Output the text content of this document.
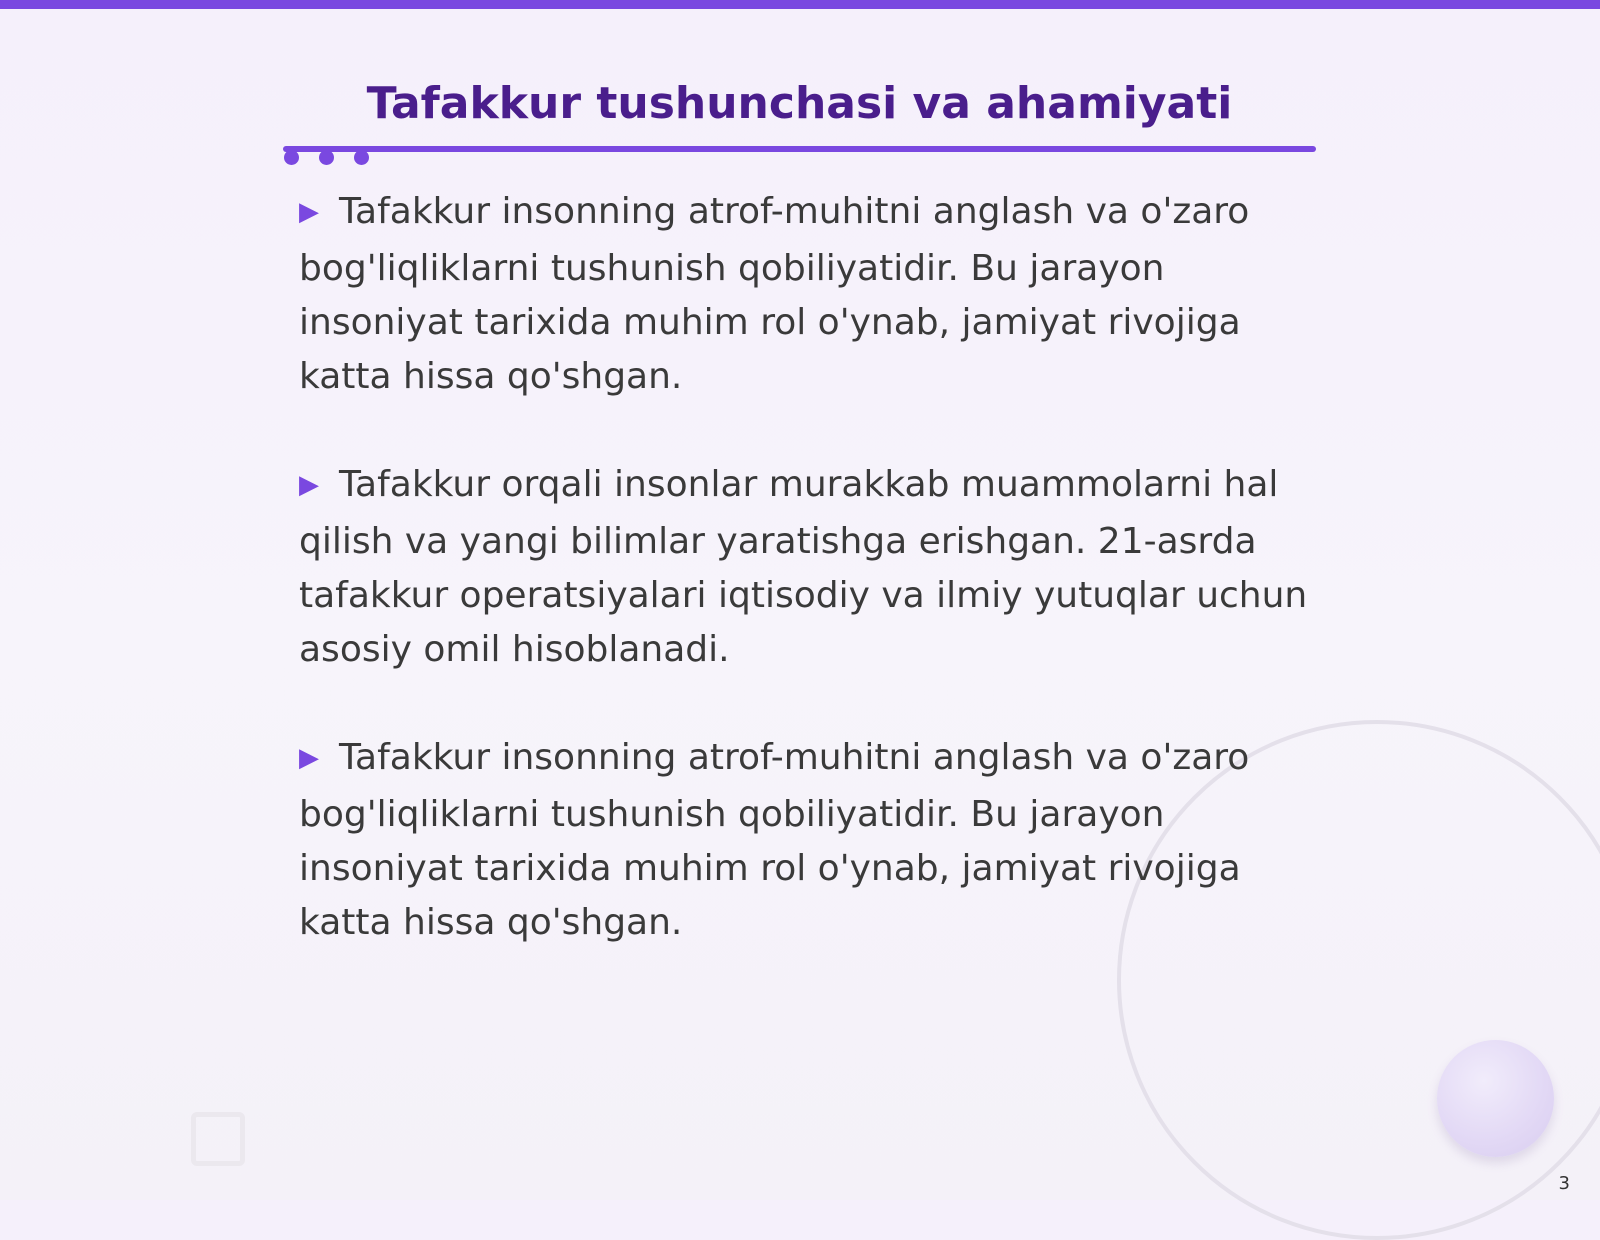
Tafakkur tushunchasi va ahamiyati

▶ Tafakkur insonning atrof-muhitni anglash va o'zaro bog'liqliklarni tushunish qobiliyatidir. Bu jarayon insoniyat tarixida muhim rol o'ynab, jamiyat rivojiga katta hissa qo'shgan.

▶ Tafakkur orqali insonlar murakkab muammolarni hal qilish va yangi bilimlar yaratishga erishgan. 21-asrda tafakkur operatsiyalari iqtisodiy va ilmiy yutuqlar uchun asosiy omil hisoblanadi.

▶ Tafakkur insonning atrof-muhitni anglash va o'zaro bog'liqliklarni tushunish qobiliyatidir. Bu jarayon insoniyat tarixida muhim rol o'ynab, jamiyat rivojiga katta hissa qo'shgan.

3
